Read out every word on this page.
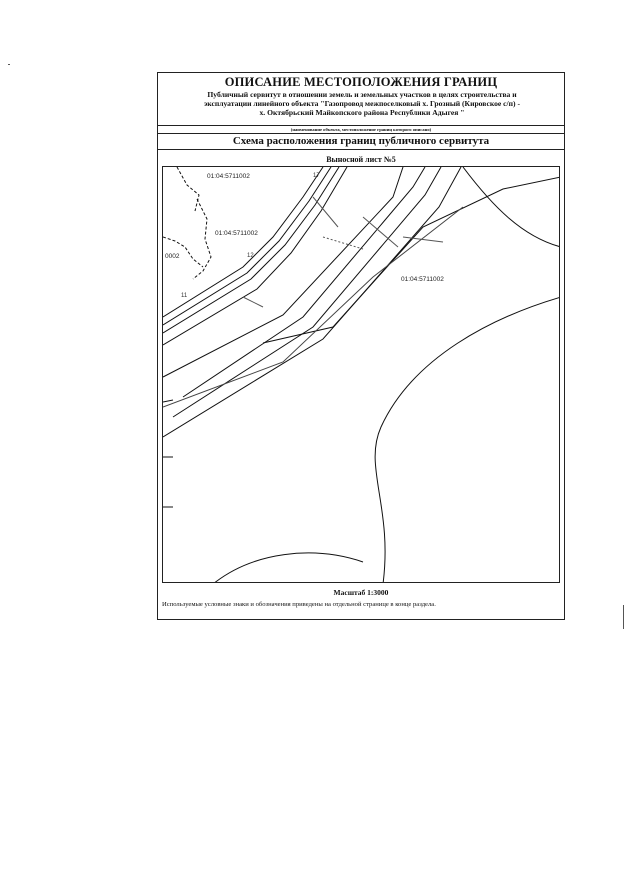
ОПИСАНИЕ МЕСТОПОЛОЖЕНИЯ ГРАНИЦ
Публичный сервитут в отношении земель и земельных участков в целях строительства и
эксплуатации линейного объекта "Газопровод межпоселковый х. Грозный (Кировское с/п) -
х. Октябрьский Майкопского района Республики Адыгея "
(наименование объекта, местоположение границ которого описано)
Схема расположения границ публичного сервитута
Выносной лист №5
01:04:5711002
01:04:5711002
01:04:5711002
0002
17
12
11
Масштаб 1:3000
Используемые условные знаки и обозначения приведены на отдельной странице в конце раздела.
